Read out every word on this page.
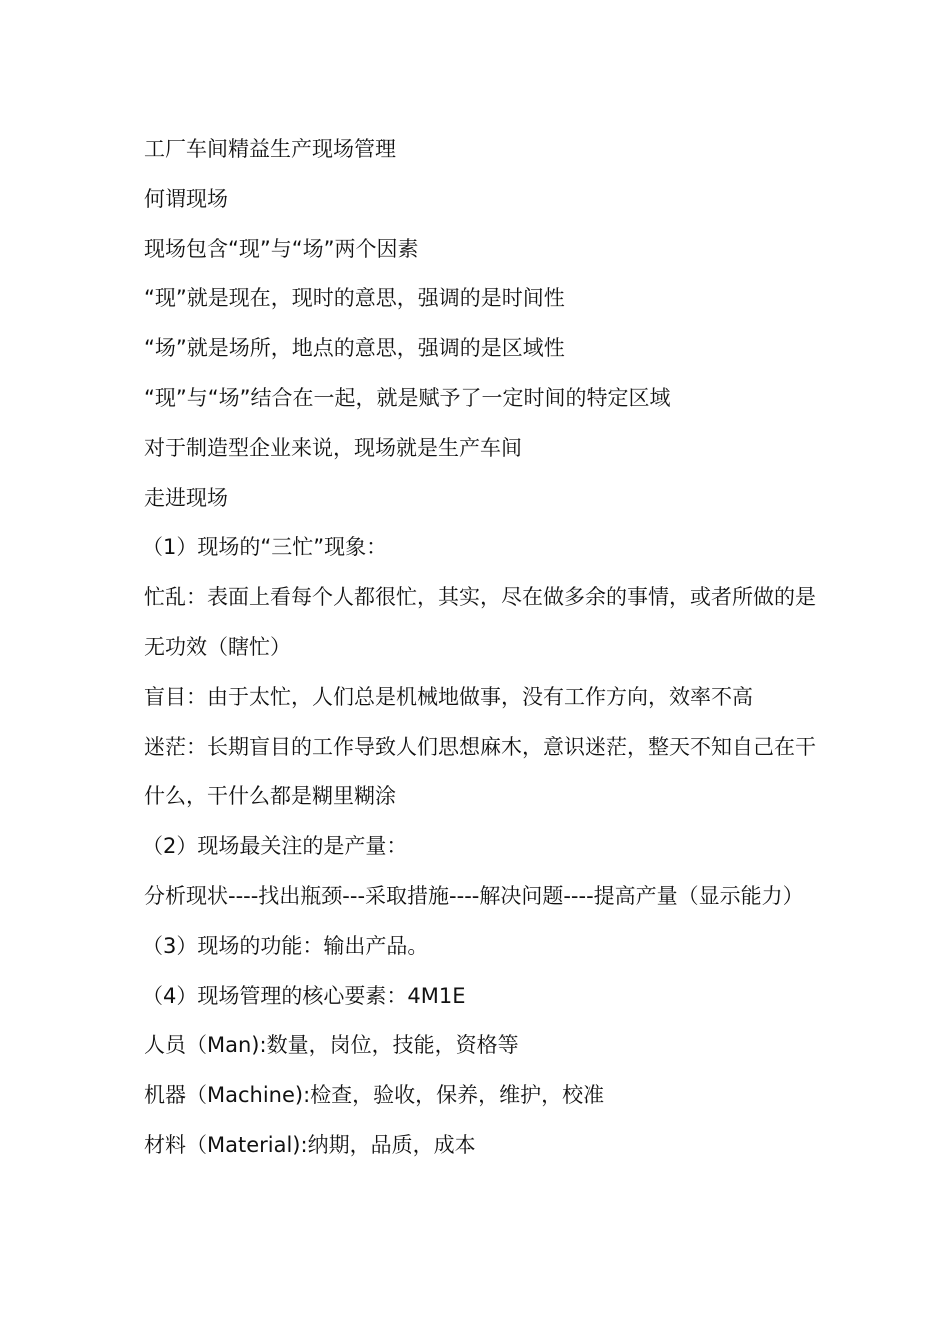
工厂车间精益生产现场管理

何谓现场

现场包含“现”与“场”两个因素

“现”就是现在，现时的意思，强调的是时间性

“场”就是场所，地点的意思，强调的是区域性

“现”与“场”结合在一起，就是赋予了一定时间的特定区域

对于制造型企业来说，现场就是生产车间

走进现场

（1）现场的“三忙”现象：

忙乱：表面上看每个人都很忙，其实，尽在做多余的事情，或者所做的是无功效（瞎忙）

盲目：由于太忙，人们总是机械地做事，没有工作方向，效率不高

迷茫：长期盲目的工作导致人们思想麻木，意识迷茫，整天不知自己在干什么，干什么都是糊里糊涂

（2）现场最关注的是产量：

分析现状----找出瓶颈---采取措施----解决问题----提高产量（显示能力）

（3）现场的功能：输出产品。

（4）现场管理的核心要素：4M1E

人员（Man):数量，岗位，技能，资格等

机器（Machine):检查，验收，保养，维护，校准

材料（Material):纳期，品质，成本
